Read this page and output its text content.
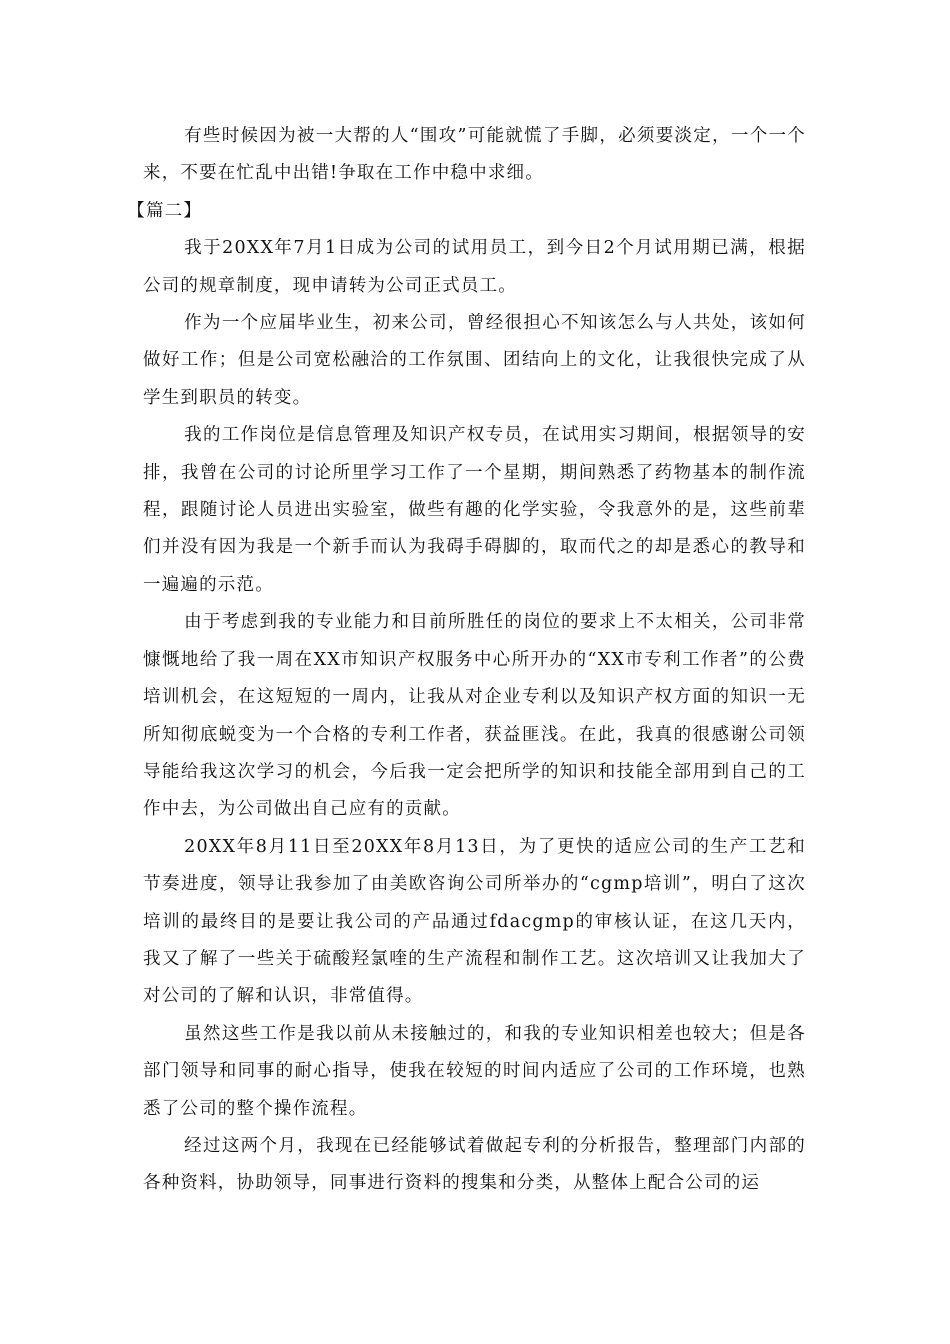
有些时候因为被一大帮的人“围攻”可能就慌了手脚，必须要淡定，一个一个来，不要在忙乱中出错!争取在工作中稳中求细。

【篇二】

我于20XX年7月1日成为公司的试用员工，到今日2个月试用期已满，根据公司的规章制度，现申请转为公司正式员工。

作为一个应届毕业生，初来公司，曾经很担心不知该怎么与人共处，该如何做好工作；但是公司宽松融洽的工作氛围、团结向上的文化，让我很快完成了从学生到职员的转变。

我的工作岗位是信息管理及知识产权专员，在试用实习期间，根据领导的安排，我曾在公司的讨论所里学习工作了一个星期，期间熟悉了药物基本的制作流程，跟随讨论人员进出实验室，做些有趣的化学实验，令我意外的是，这些前辈们并没有因为我是一个新手而认为我碍手碍脚的，取而代之的却是悉心的教导和一遍遍的示范。

由于考虑到我的专业能力和目前所胜任的岗位的要求上不太相关，公司非常慷慨地给了我一周在XX市知识产权服务中心所开办的“XX市专利工作者”的公费培训机会，在这短短的一周内，让我从对企业专利以及知识产权方面的知识一无所知彻底蜕变为一个合格的专利工作者，获益匪浅。在此，我真的很感谢公司领导能给我这次学习的机会，今后我一定会把所学的知识和技能全部用到自己的工作中去，为公司做出自己应有的贡献。

20XX年8月11日至20XX年8月13日，为了更快的适应公司的生产工艺和节奏进度，领导让我参加了由美欧咨询公司所举办的“cgmp培训”，明白了这次培训的最终目的是要让我公司的产品通过fdacgmp的审核认证，在这几天内，我又了解了一些关于硫酸羟氯喹的生产流程和制作工艺。这次培训又让我加大了对公司的了解和认识，非常值得。

虽然这些工作是我以前从未接触过的，和我的专业知识相差也较大；但是各部门领导和同事的耐心指导，使我在较短的时间内适应了公司的工作环境，也熟悉了公司的整个操作流程。

经过这两个月，我现在已经能够试着做起专利的分析报告，整理部门内部的各种资料，协助领导，同事进行资料的搜集和分类，从整体上配合公司的运
